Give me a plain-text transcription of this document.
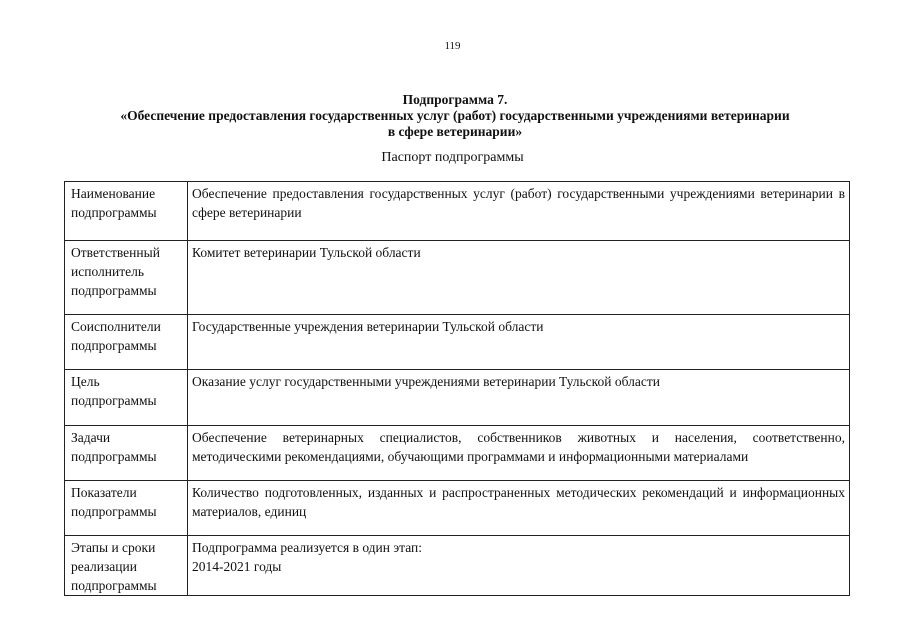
119
Подпрограмма 7.
«Обеспечение предоставления государственных услуг (работ) государственными учреждениями ветеринарии
в сфере ветеринарии»
Паспорт подпрограммы
Наименование
подпрограммы	Обеспечение предоставления государственных услуг (работ) государственными учреждениями ветеринарии в сфере ветеринарии

Ответственный
исполнитель
подпрограммы	Комитет ветеринарии Тульской области

Соисполнители
подпрограммы	Государственные учреждения ветеринарии Тульской области

Цель
подпрограммы	Оказание услуг государственными учреждениями ветеринарии Тульской области

Задачи
подпрограммы	Обеспечение ветеринарных специалистов, собственников животных и населения, соответственно, методическими рекомендациями, обучающими программами и информационными материалами

Показатели
подпрограммы	Количество подготовленных, изданных и распространенных методических рекомендаций и информационных материалов, единиц

Этапы и сроки
реализации
подпрограммы	Подпрограмма реализуется в один этап:
2014-2021 годы
